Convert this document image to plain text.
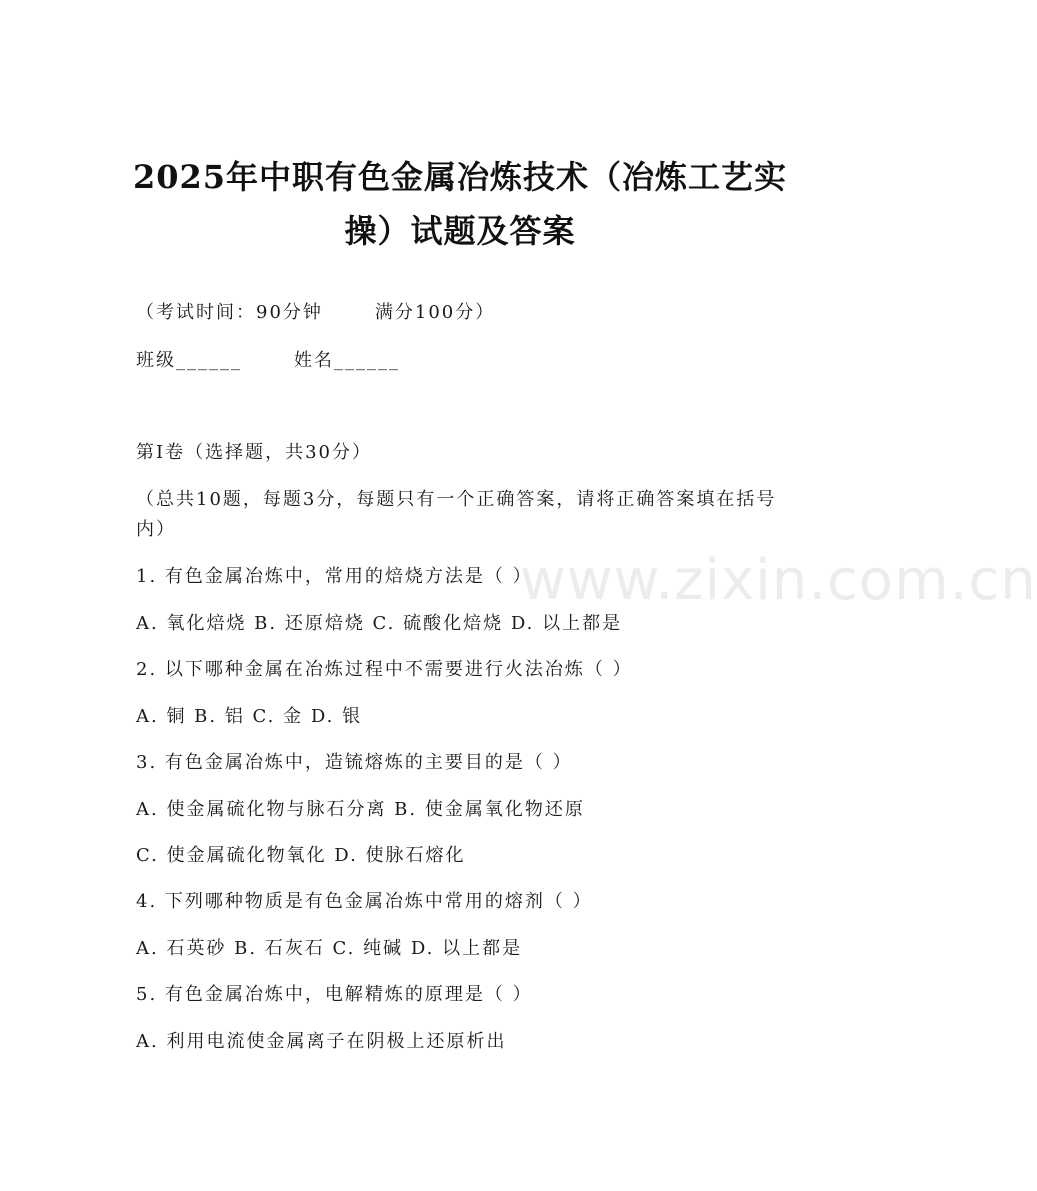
2025年中职有色金属冶炼技术（冶炼工艺实
操）试题及答案
（考试时间：90分钟	满分100分）
班级______	姓名______
第Ⅰ卷（选择题，共30分）
（总共10题，每题3分，每题只有一个正确答案，请将正确答案填在括号内）
1. 有色金属冶炼中，常用的焙烧方法是（ ）
A. 氧化焙烧 B. 还原焙烧 C. 硫酸化焙烧 D. 以上都是
2. 以下哪种金属在冶炼过程中不需要进行火法冶炼（ ）
A. 铜 B. 铝 C. 金 D. 银
3. 有色金属冶炼中，造锍熔炼的主要目的是（ ）
A. 使金属硫化物与脉石分离 B. 使金属氧化物还原
C. 使金属硫化物氧化 D. 使脉石熔化
4. 下列哪种物质是有色金属冶炼中常用的熔剂（ ）
A. 石英砂 B. 石灰石 C. 纯碱 D. 以上都是
5. 有色金属冶炼中，电解精炼的原理是（ ）
A. 利用电流使金属离子在阴极上还原析出
www.zixin.com.cn
